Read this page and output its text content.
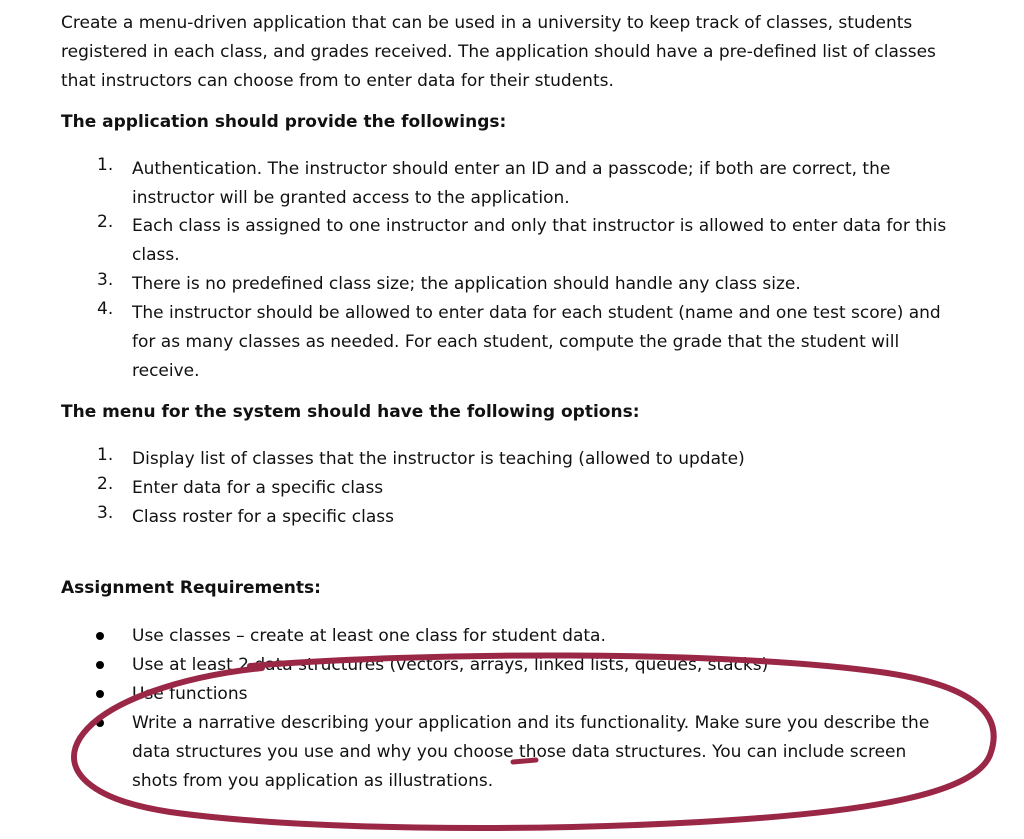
Create a menu-driven application that can be used in a university to keep track of classes, students
registered in each class, and grades received. The application should have a pre-defined list of classes
that instructors can choose from to enter data for their students.

The application should provide the followings:

1.	Authentication. The instructor should enter an ID and a passcode; if both are correct, the
instructor will be granted access to the application.
2.	Each class is assigned to one instructor and only that instructor is allowed to enter data for this
class.
3.	There is no predefined class size; the application should handle any class size.
4.	The instructor should be allowed to enter data for each student (name and one test score) and
for as many classes as needed. For each student, compute the grade that the student will
receive.

The menu for the system should have the following options:

1.	Display list of classes that the instructor is teaching (allowed to update)
2.	Enter data for a specific class
3.	Class roster for a specific class

Assignment Requirements:

Use classes – create at least one class for student data.
Use at least 2 data structures (vectors, arrays, linked lists, queues, stacks)
Use functions
Write a narrative describing your application and its functionality. Make sure you describe the
data structures you use and why you choose those data structures. You can include screen
shots from you application as illustrations.
